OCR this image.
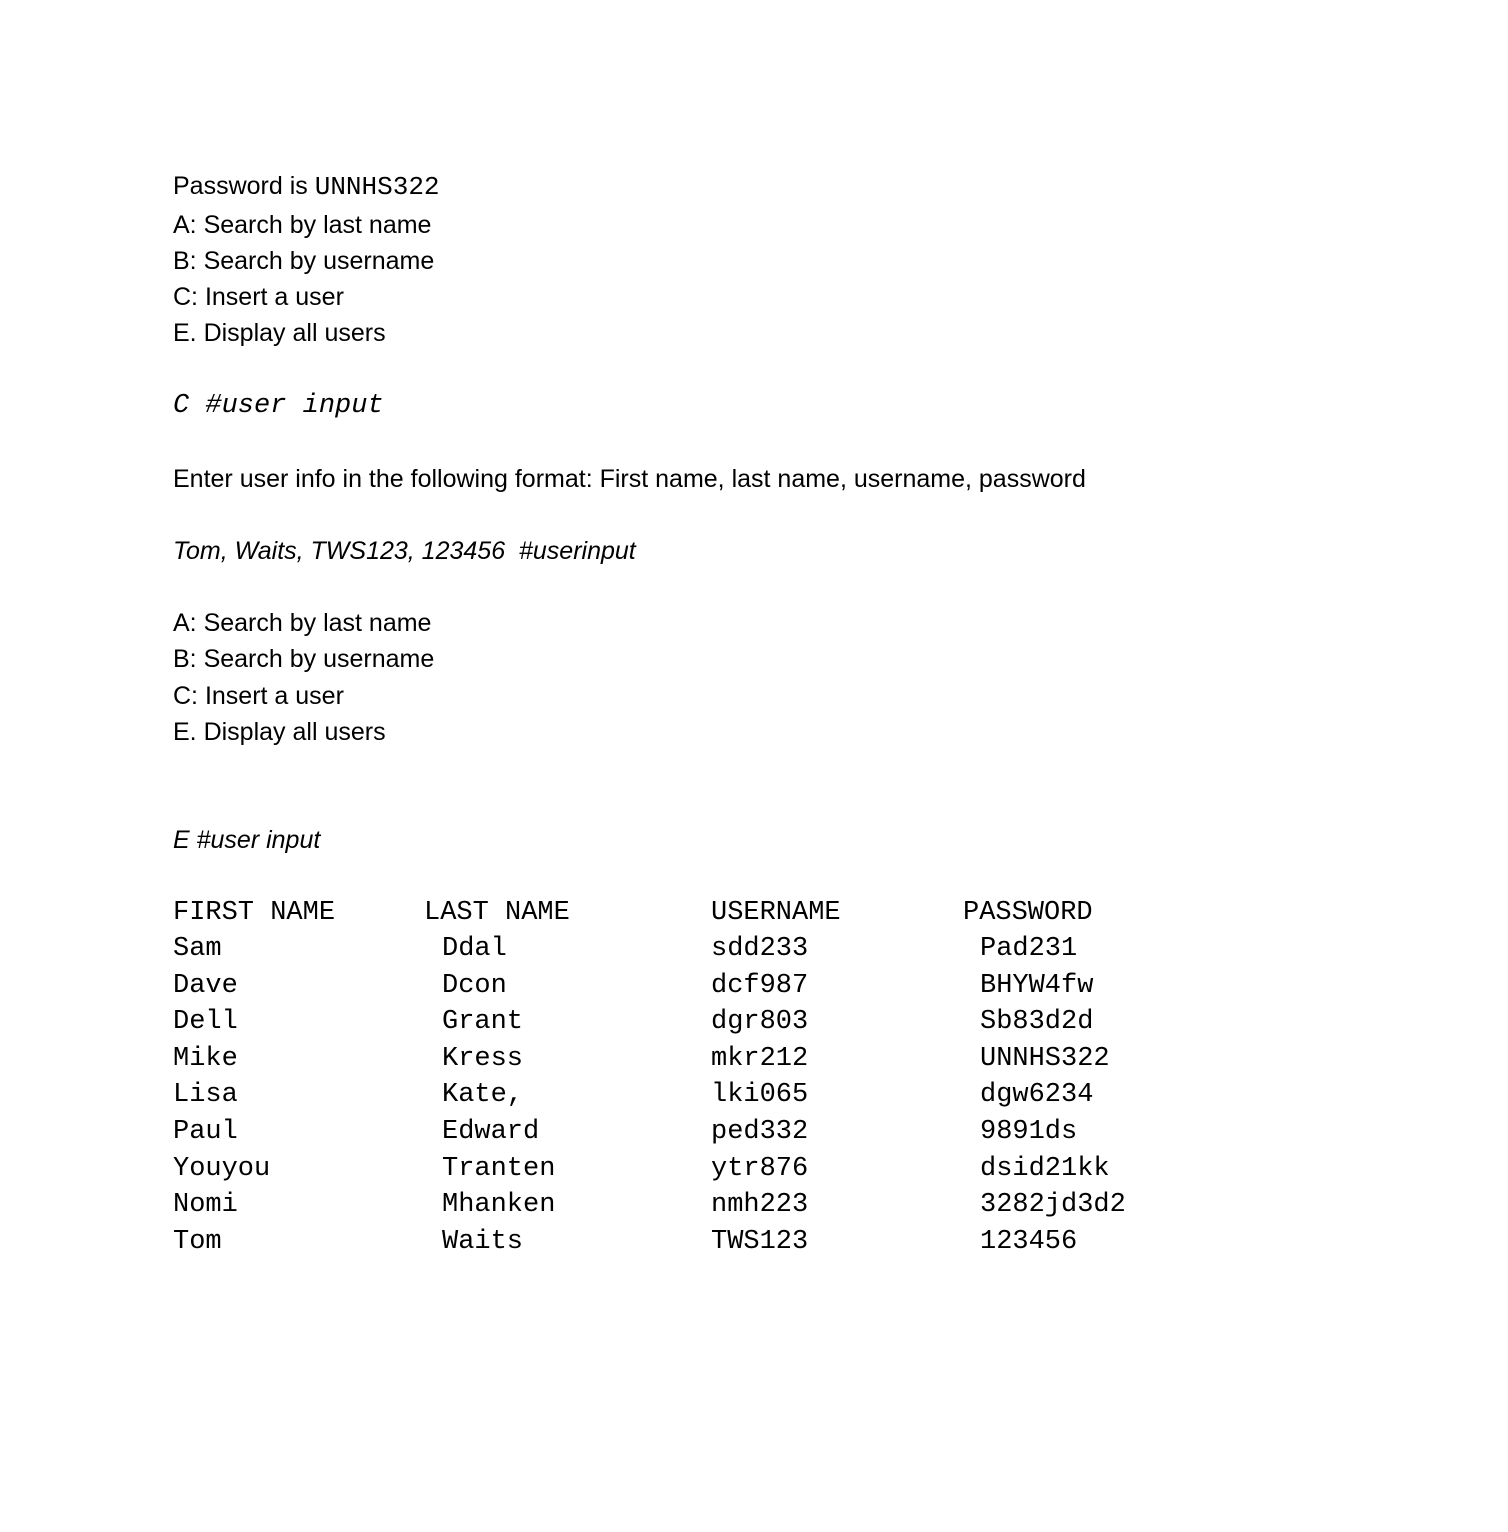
Password is UNNHS322
A: Search by last name
B: Search by username
C: Insert a user
E. Display all users
C #user input
Enter user info in the following format: First name, last name, username, password
Tom, Waits, TWS123, 123456  #userinput
A: Search by last name
B: Search by username
C: Insert a user
E. Display all users
E #user input
FIRST NAME	LAST NAME	USERNAME	PASSWORD
Sam	Ddal	sdd233	Pad231
Dave	Dcon	dcf987	BHYW4fw
Dell	Grant	dgr803	Sb83d2d
Mike	Kress	mkr212	UNNHS322
Lisa	Kate,	lki065	dgw6234
Paul	Edward	ped332	9891ds
Youyou	Tranten	ytr876	dsid21kk
Nomi	Mhanken	nmh223	3282jd3d2
Tom	Waits	TWS123	123456
